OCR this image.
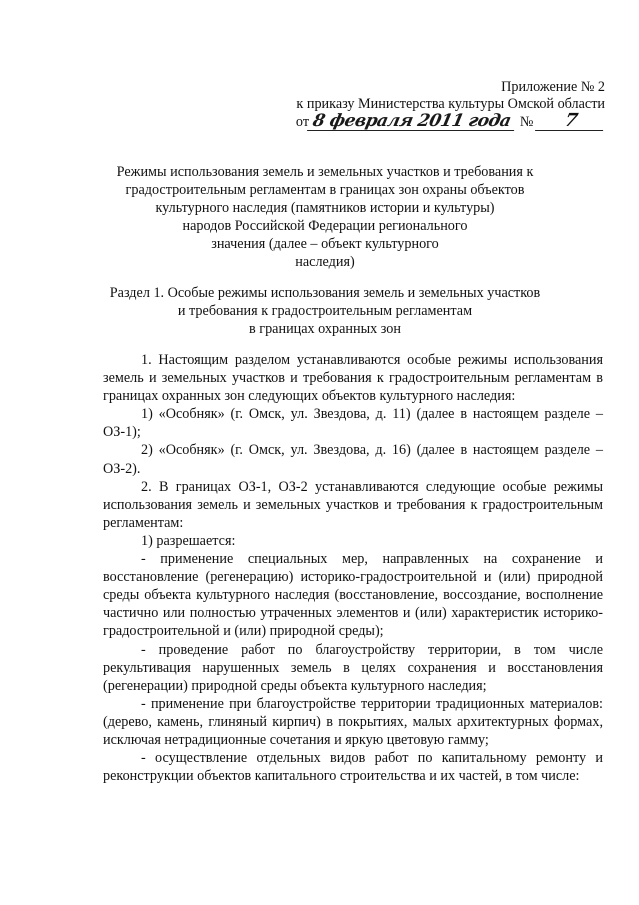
Приложение № 2
к приказу Министерства культуры Омской области
от 8 февраля 2011 года № 7
Режимы использования земель и земельных участков и требования к
градостроительным регламентам в границах зон охраны объектов
культурного наследия (памятников истории и культуры)
народов Российской Федерации регионального
значения (далее – объект культурного
наследия)
Раздел 1. Особые режимы использования земель и земельных участков
и требования к градостроительным регламентам
в границах охранных зон

1. Настоящим разделом устанавливаются особые режимы использования земель и земельных участков и требования к градостроительным регламентам в границах охранных зон следующих объектов культурного наследия:

1) «Особняк» (г. Омск, ул. Звездова, д. 11) (далее в настоящем разделе – ОЗ-1);

2) «Особняк» (г. Омск, ул. Звездова, д. 16) (далее в настоящем разделе – ОЗ-2).

2. В границах ОЗ-1, ОЗ-2 устанавливаются следующие особые режимы использования земель и земельных участков и требования к градостроительным регламентам:

1) разрешается:

- применение специальных мер, направленных на сохранение и восстановление (регенерацию) историко-градостроительной и (или) природной среды объекта культурного наследия (восстановление, воссоздание, восполнение частично или полностью утраченных элементов и (или) характеристик историко-градостроительной и (или) природной среды);

- проведение работ по благоустройству территории, в том числе рекультивация нарушенных земель в целях сохранения и восстановления (регенерации) природной среды объекта культурного наследия;

- применение при благоустройстве территории традиционных материалов: (дерево, камень, глиняный кирпич) в покрытиях, малых архитектурных формах, исключая нетрадиционные сочетания и яркую цветовую гамму;

- осуществление отдельных видов работ по капитальному ремонту и реконструкции объектов капитального строительства и их частей, в том числе:
